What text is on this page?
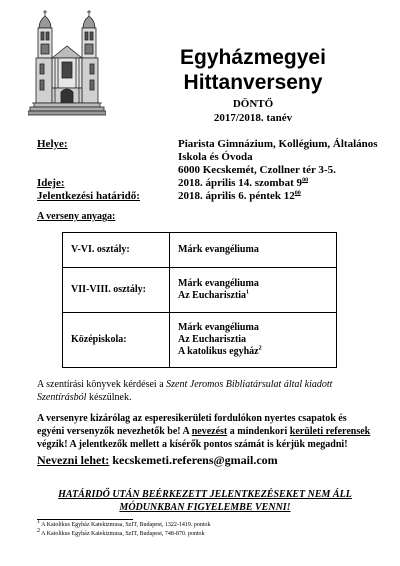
Egyházmegyei
Hittanverseny
DÖNTŐ
2017/2018. tanév
Helye:	Piarista Gimnázium, Kollégium, Általános
Iskola és Óvoda
6000 Kecskemét, Czollner tér 3-5.
Ideje:	2018. április 14. szombat $9^{00}$
Jelentkezési határidő:	2018. április 6. péntek $12^{00}$
A verseny anyaga:
V-VI. osztály:	Márk evangéliuma

VII-VIII. osztály:	Márk evangéliuma
Az Eucharisztia$^1$

Középiskola:	Márk evangéliuma
Az Eucharisztia
A katolikus egyház$^2$
A szentírási könyvek kérdései a Szent Jeromos Bibliatársulat által kiadott Szentírásból készülnek.
A versenyre kizárólag az esperesikerületi fordulókon nyertes csapatok és egyéni versenyzők nevezhetők be! A nevezést a mindenkori kerületi referensek végzik! A jelentkezők mellett a kísérők pontos számát is kérjük megadni!
Nevezni lehet: kecskemeti.referens@gmail.com
HATÁRIDŐ UTÁN BEÉRKEZETT JELENTKEZÉSEKET NEM ÁLL
MÓDUNKBAN FIGYELEMBE VENNI!
$^1$ A Katolikus Egyház Katekizmusa, SzIT, Budapest, 1322-1419. pontok
$^2$ A Katolikus Egyház Katekizmusa, SzIT, Budapest, 748-870. pontok
